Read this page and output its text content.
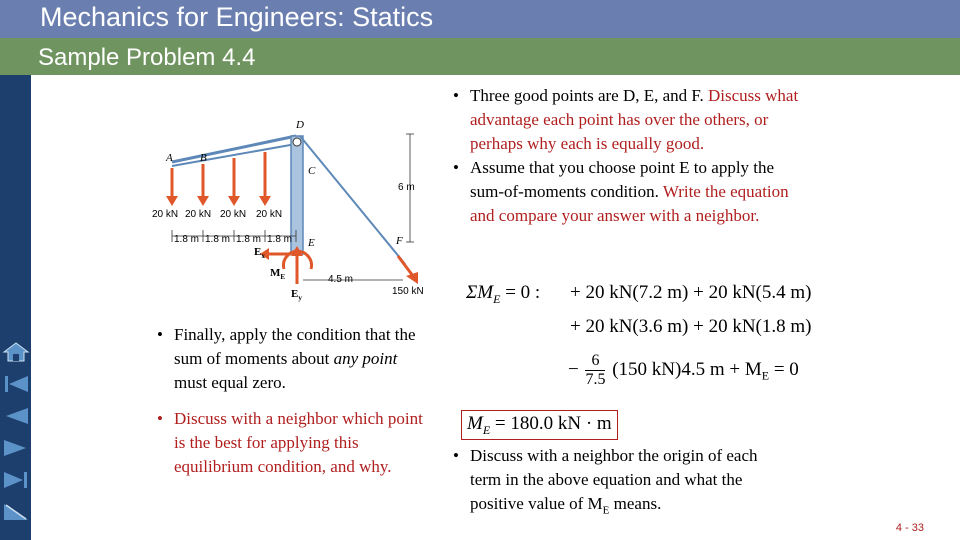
Mechanics for Engineers: Statics
Sample Problem 4.4
A B
D
C
E	F
20 kN 20 kN 20 kN 20 kN
1.8 m 1.8 m 1.8 m 1.8 m
6 m
4.5 m
150 kN
$E_x$
$M_E$
$E_y$
• Three good points are D, E, and F. Discuss what advantage each point has over the others, or perhaps why each is equally good.
• Assume that you choose point E to apply the sum-of-moments condition. Write the equation and compare your answer with a neighbor.
• Finally, apply the condition that the sum of moments about any point must equal zero.
• Discuss with a neighbor which point is the best for applying this equilibrium condition, and why.
$\Sigma M_E = 0$ : + 20 kN(7.2 m) + 20 kN(5.4 m)
+ 20 kN(3.6 m) + 20 kN(1.8 m)
− $\frac{6}{7.5} (150$ kN)4.5 $m + M_E = 0$
$M_E = 180.0$ kN · m
• Discuss with a neighbor the origin of each term in the above equation and what the positive value of $M_E$ means.
4 - 33
